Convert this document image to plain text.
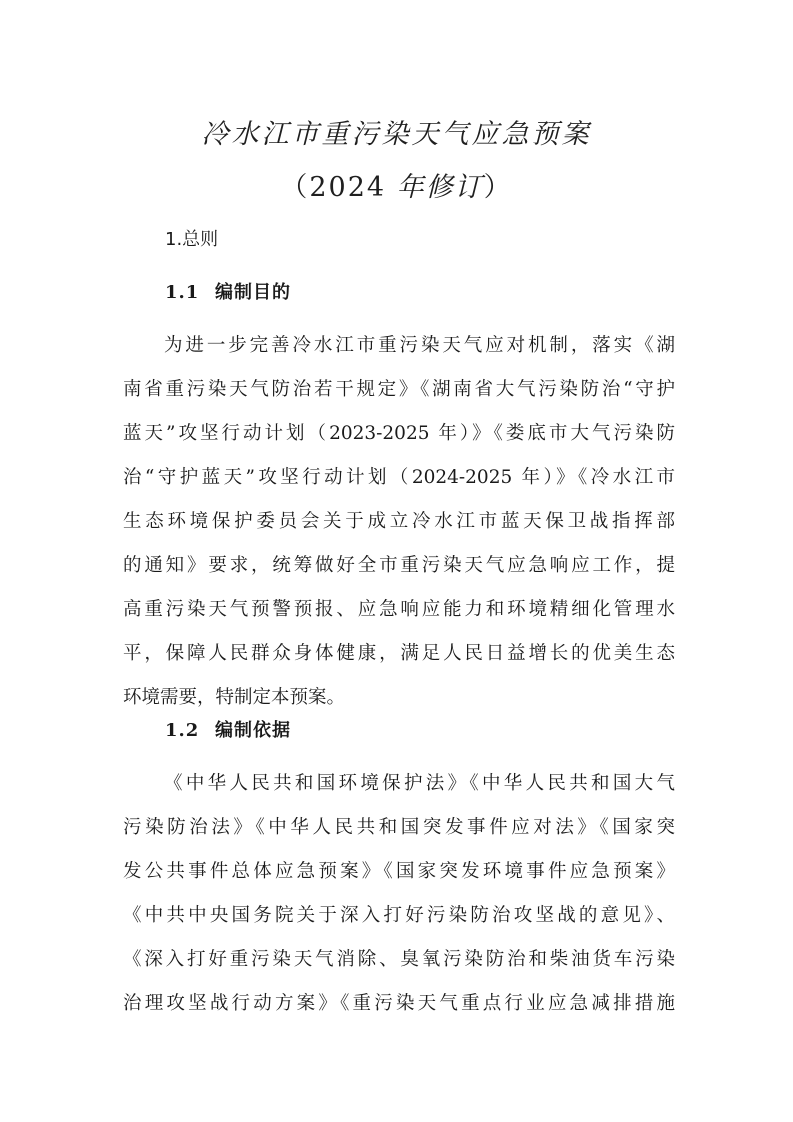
冷水江市重污染天气应急预案
（2024 年修订）
1.总则
1.1 编制目的
为进一步完善冷水江市重污染天气应对机制，落实《湖
南省重污染天气防治若干规定》《湖南省大气污染防治“守护
蓝天”攻坚行动计划（2023-2025 年）》《娄底市大气污染防
治“守护蓝天”攻坚行动计划（2024-2025 年）》《冷水江市
生态环境保护委员会关于成立冷水江市蓝天保卫战指挥部
的通知》要求，统筹做好全市重污染天气应急响应工作，提
高重污染天气预警预报、应急响应能力和环境精细化管理水
平，保障人民群众身体健康，满足人民日益增长的优美生态
环境需要，特制定本预案。
1.2 编制依据
《中华人民共和国环境保护法》《中华人民共和国大气
污染防治法》《中华人民共和国突发事件应对法》《国家突
发公共事件总体应急预案》《国家突发环境事件应急预案》
《中共中央国务院关于深入打好污染防治攻坚战的意见》、
《深入打好重污染天气消除、臭氧污染防治和柴油货车污染
治理攻坚战行动方案》《重污染天气重点行业应急减排措施
